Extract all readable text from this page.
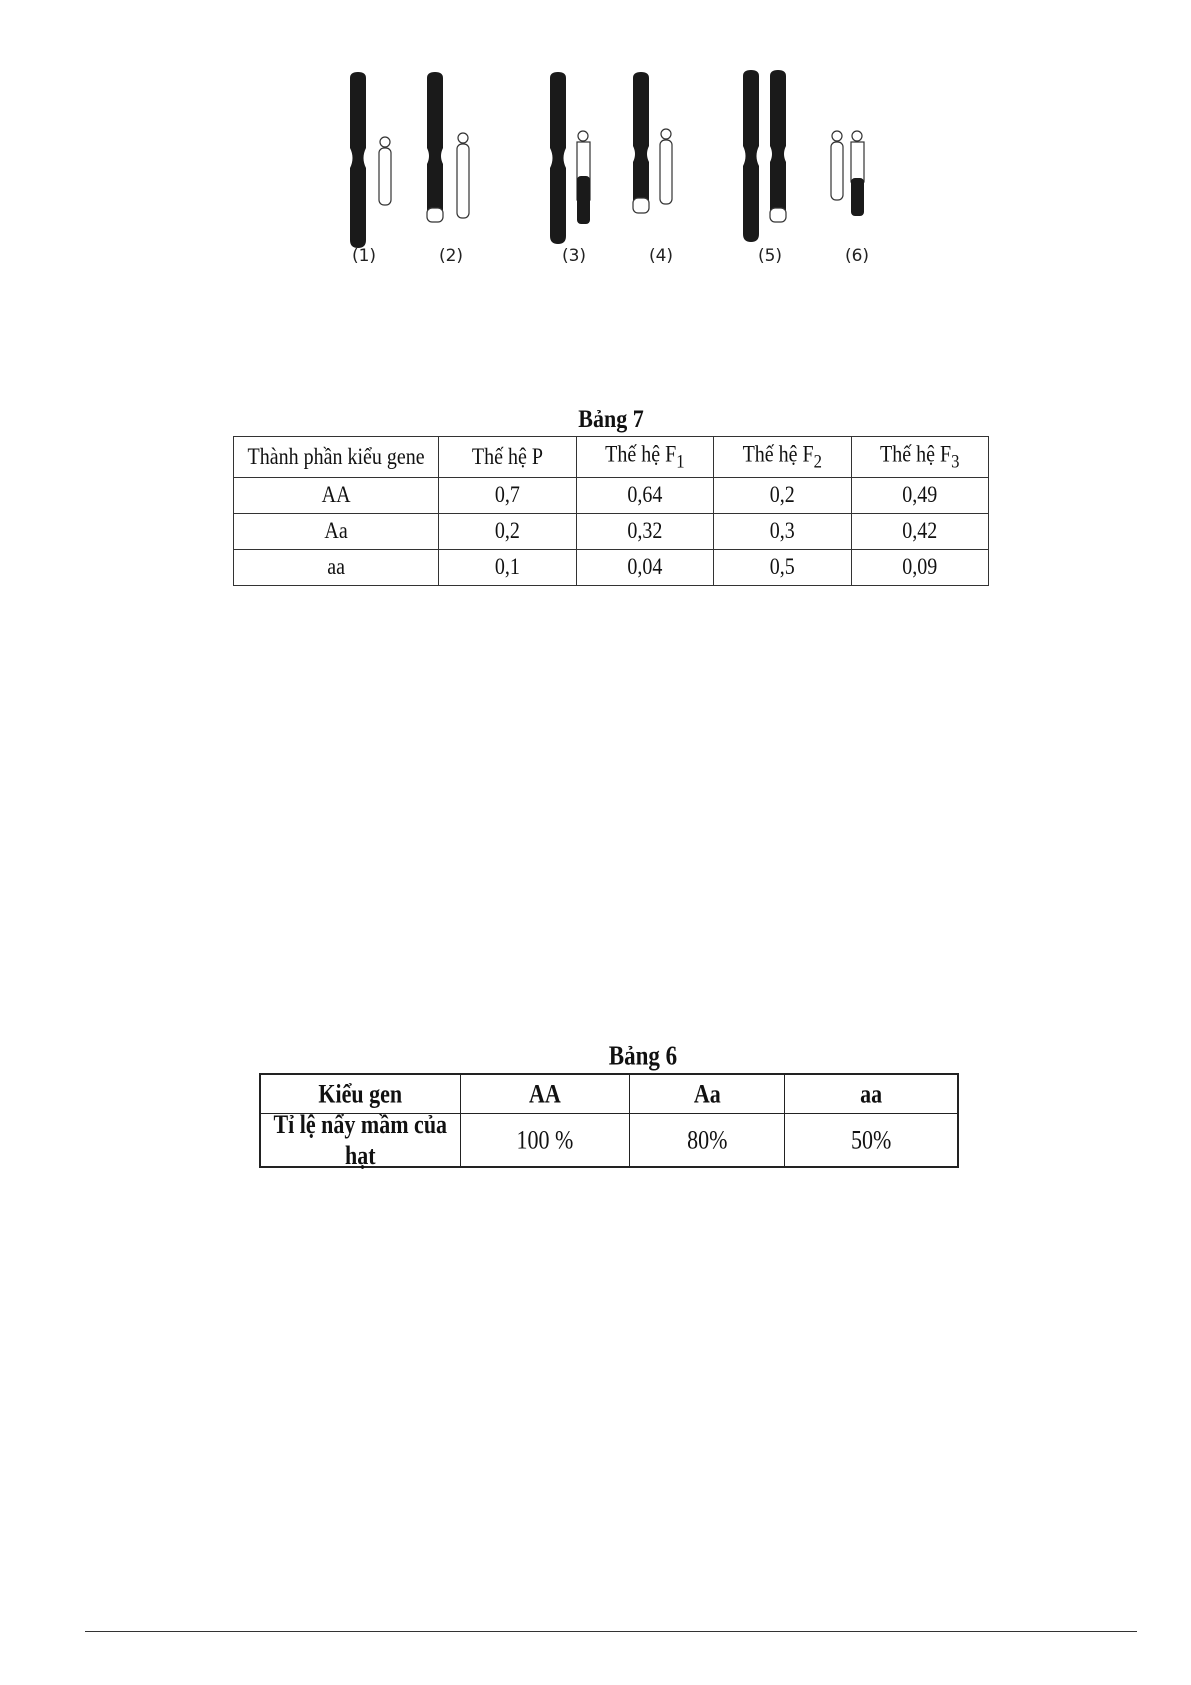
(1)	(2)	(3)	(4)	(5)	(6)
Bảng 7
Thành phần kiểu gene	Thế hệ P	Thế hệ $F_1$	Thế hệ $F_2$	Thế hệ $F_3$
AA	0,7	0,64	0,2	0,49
Aa	0,2	0,32	0,3	0,42
aa	0,1	0,04	0,5	0,09
Bảng 6
Kiểu gen	AA	Aa	aa
Tỉ lệ nẩy mầm của hạt	100 %	80%	50%
